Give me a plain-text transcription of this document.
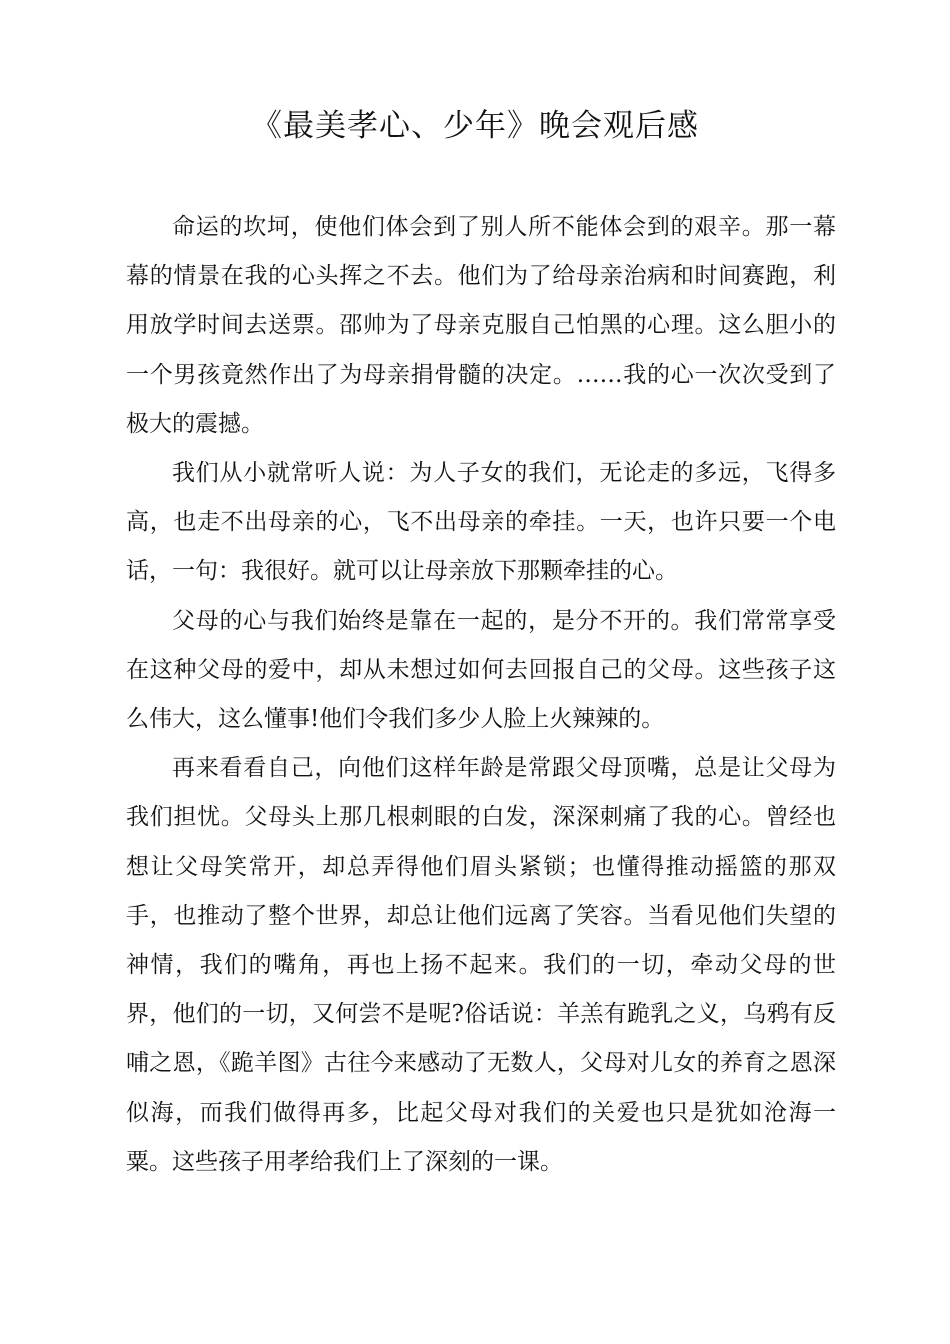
《最美孝心、少年》晚会观后感

命运的坎坷，使他们体会到了别人所不能体会到的艰辛。那一幕幕的情景在我的心头挥之不去。他们为了给母亲治病和时间赛跑，利用放学时间去送票。邵帅为了母亲克服自己怕黑的心理。这么胆小的一个男孩竟然作出了为母亲捐骨髓的决定。……我的心一次次受到了极大的震撼。

我们从小就常听人说：为人子女的我们，无论走的多远，飞得多高，也走不出母亲的心，飞不出母亲的牵挂。一天，也许只要一个电话，一句：我很好。就可以让母亲放下那颗牵挂的心。

父母的心与我们始终是靠在一起的，是分不开的。我们常常享受在这种父母的爱中，却从未想过如何去回报自己的父母。这些孩子这么伟大，这么懂事!他们令我们多少人脸上火辣辣的。

再来看看自己，向他们这样年龄是常跟父母顶嘴，总是让父母为我们担忧。父母头上那几根刺眼的白发，深深刺痛了我的心。曾经也想让父母笑常开，却总弄得他们眉头紧锁；也懂得推动摇篮的那双手，也推动了整个世界，却总让他们远离了笑容。当看见他们失望的神情，我们的嘴角，再也上扬不起来。我们的一切，牵动父母的世界，他们的一切，又何尝不是呢?俗话说：羊羔有跪乳之义，乌鸦有反哺之恩，《跪羊图》古往今来感动了无数人，父母对儿女的养育之恩深似海，而我们做得再多，比起父母对我们的关爱也只是犹如沧海一粟。这些孩子用孝给我们上了深刻的一课。
